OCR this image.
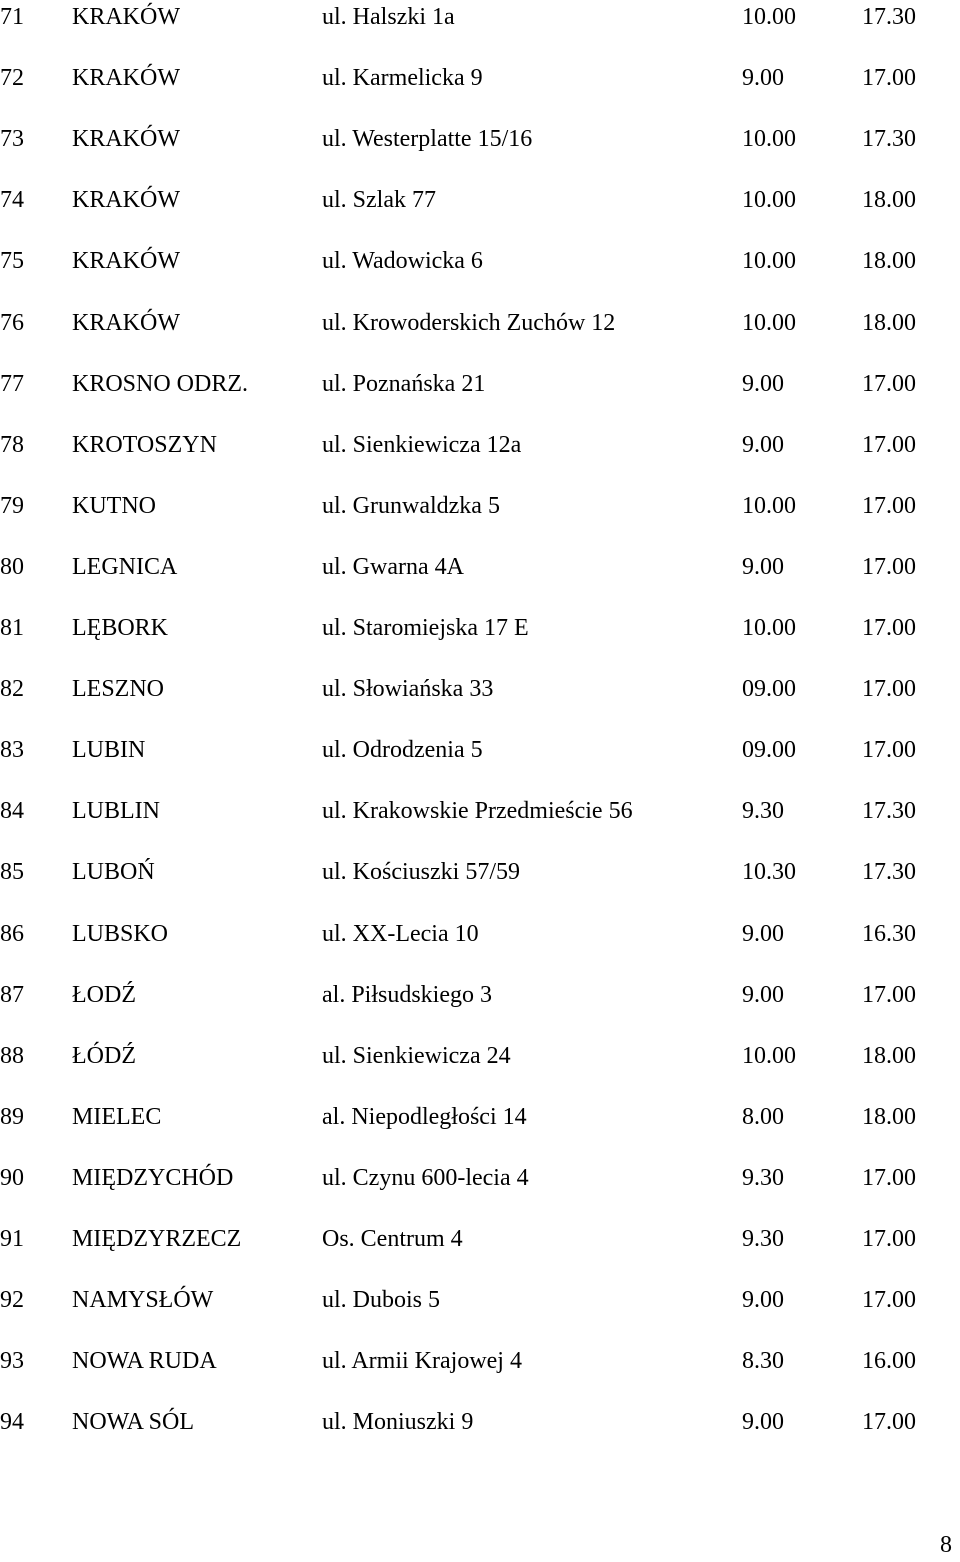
71 KRAKÓW	ul. Halszki 1a	10.00	17.30
72 KRAKÓW	ul. Karmelicka 9	9.00	17.00
73 KRAKÓW	ul. Westerplatte 15/16	10.00	17.30
74 KRAKÓW	ul. Szlak 77	10.00	18.00
75 KRAKÓW	ul. Wadowicka 6	10.00	18.00
76 KRAKÓW	ul. Krowoderskich Zuchów 12	10.00	18.00
77 KROSNO ODRZ.	ul. Poznańska 21	9.00	17.00
78 KROTOSZYN	ul. Sienkiewicza 12a	9.00	17.00
79 KUTNO	ul. Grunwaldzka 5	10.00	17.00
80 LEGNICA	ul. Gwarna 4A	9.00	17.00
81 LĘBORK	ul. Staromiejska 17 E	10.00	17.00
82 LESZNO	ul. Słowiańska 33	09.00	17.00
83 LUBIN	ul. Odrodzenia 5	09.00	17.00
84 LUBLIN	ul. Krakowskie Przedmieście 56	9.30	17.30
85 LUBOŃ	ul. Kościuszki 57/59	10.30	17.30
86 LUBSKO	ul. XX-Lecia 10	9.00	16.30
87 ŁODŹ	al. Piłsudskiego 3	9.00	17.00
88 ŁÓDŹ	ul. Sienkiewicza 24	10.00	18.00
89 MIELEC	al. Niepodległości 14	8.00	18.00
90 MIĘDZYCHÓD	ul. Czynu 600-lecia 4	9.30	17.00
91 MIĘDZYRZECZ	Os. Centrum 4	9.30	17.00
92 NAMYSŁÓW	ul. Dubois 5	9.00	17.00
93 NOWA RUDA	ul. Armii Krajowej 4	8.30	16.00
94 NOWA SÓL	ul. Moniuszki 9	9.00	17.00
8
